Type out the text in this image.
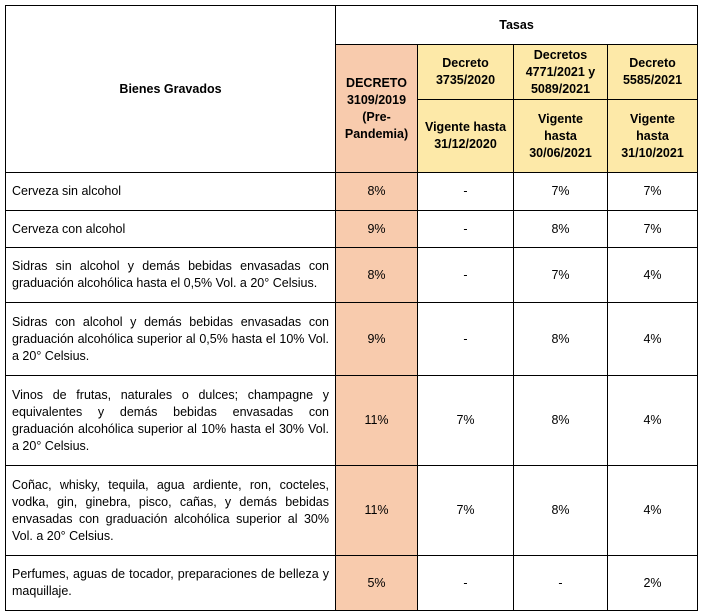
Bienes Gravados	Tasas			
	DECRETO 3109/2019 (Pre-Pandemia)	Decreto 3735/2020	Decretos 4771/2021 y 5089/2021	Decreto 5585/2021
		Vigente hasta 31/12/2020	Vigente hasta 30/06/2021	Vigente hasta 31/10/2021
Cerveza sin alcohol	8%	-	7%	7%
Cerveza con alcohol	9%	-	8%	7%
Sidras sin alcohol y demás bebidas envasadas con graduación alcohólica hasta el 0,5% Vol. a 20° Celsius.	8%	-	7%	4%
Sidras con alcohol y demás bebidas envasadas con graduación alcohólica superior al 0,5% hasta el 10% Vol. a 20° Celsius.	9%	-	8%	4%
Vinos de frutas, naturales o dulces; champagne y equivalentes y demás bebidas envasadas con graduación alcohólica superior al 10% hasta el 30% Vol. a 20° Celsius.	11%	7%	8%	4%
Coñac, whisky, tequila, agua ardiente, ron, cocteles, vodka, gin, ginebra, pisco, cañas, y demás bebidas envasadas con graduación alcohólica superior al 30% Vol. a 20° Celsius.	11%	7%	8%	4%
Perfumes, aguas de tocador, preparaciones de belleza y maquillaje.	5%	-	-	2%
